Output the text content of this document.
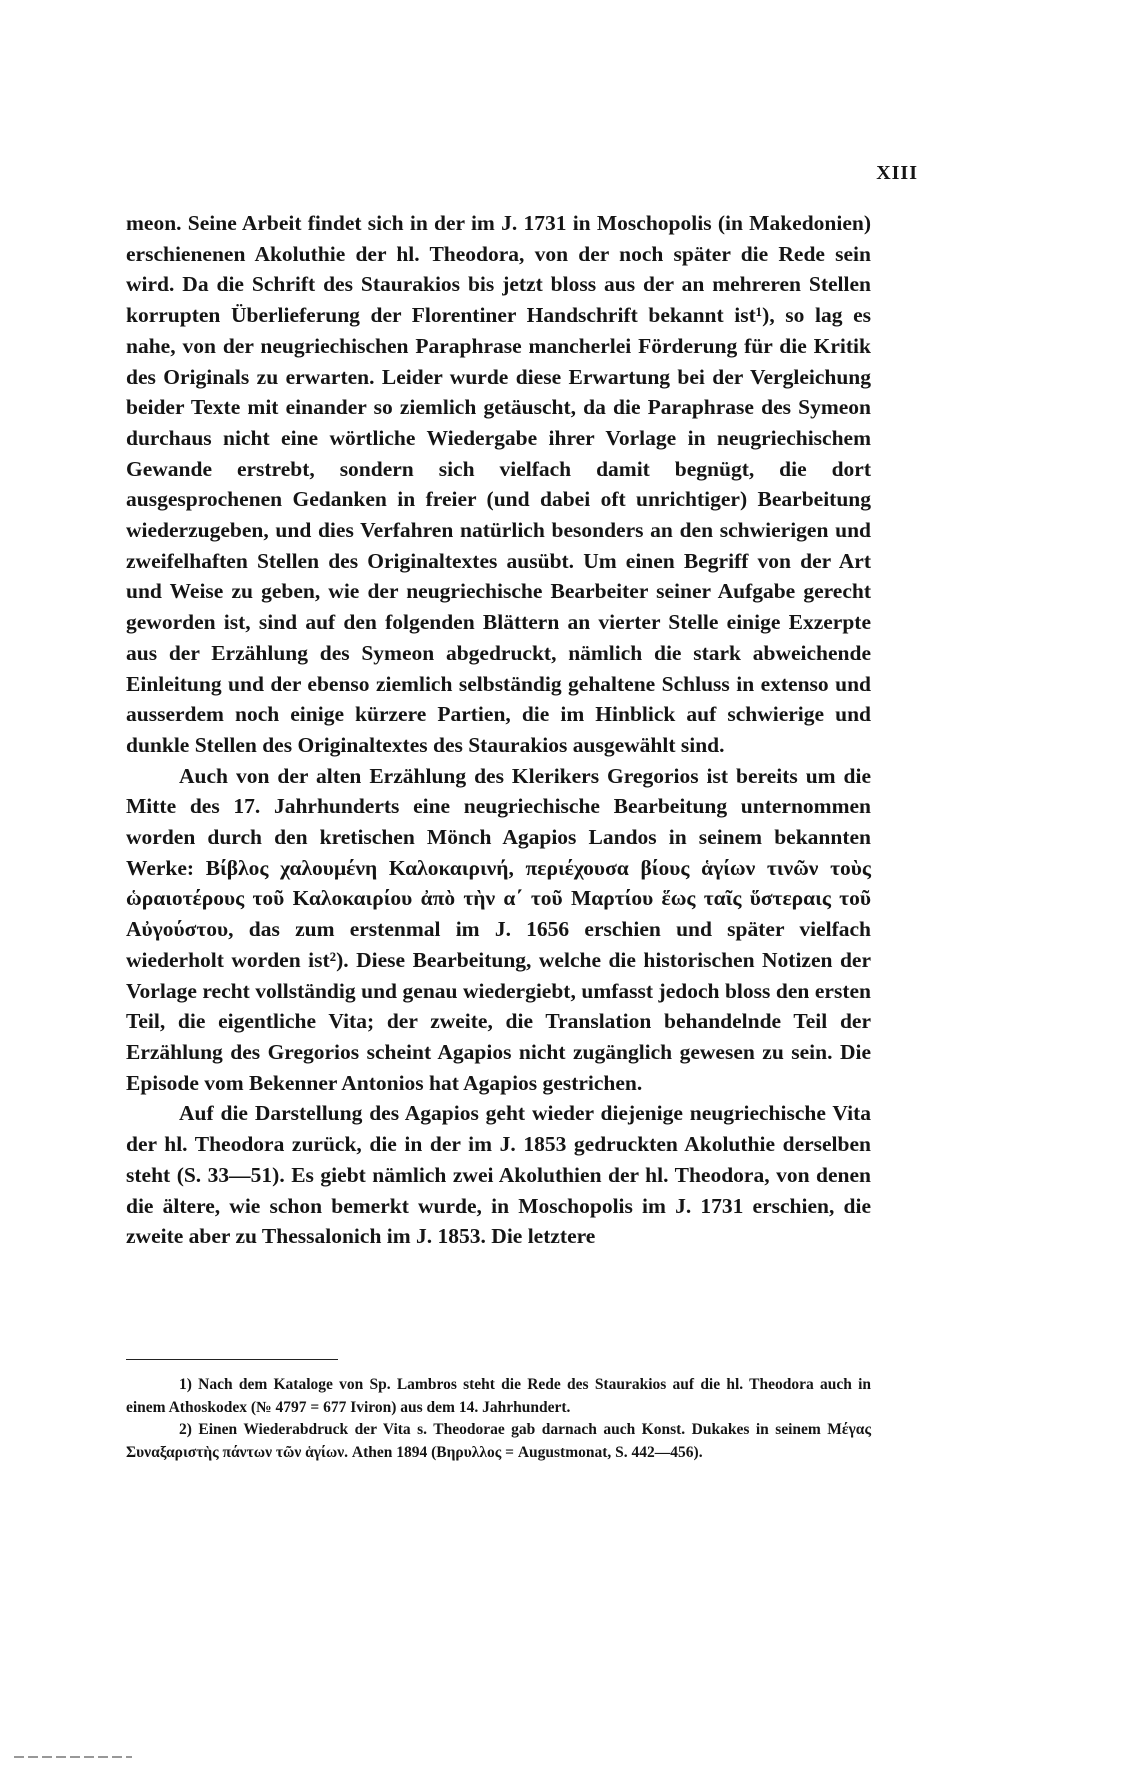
XIII

meon. Seine Arbeit findet sich in der im J. 1731 in Moschopolis (in Makedonien) erschienenen Akoluthie der hl. Theodora, von der noch später die Rede sein wird. Da die Schrift des Staurakios bis jetzt bloss aus der an mehreren Stellen korrupten Überlieferung der Florentiner Handschrift bekannt ist¹), so lag es nahe, von der neugriechischen Paraphrase mancherlei Förderung für die Kritik des Originals zu erwarten. Leider wurde diese Erwartung bei der Vergleichung beider Texte mit einander so ziemlich getäuscht, da die Paraphrase des Symeon durchaus nicht eine wörtliche Wiedergabe ihrer Vorlage in neugriechischem Gewande erstrebt, sondern sich vielfach damit begnügt, die dort ausgesprochenen Gedanken in freier (und dabei oft unrichtiger) Bearbeitung wiederzugeben, und dies Verfahren natürlich besonders an den schwierigen und zweifelhaften Stellen des Originaltextes ausübt. Um einen Begriff von der Art und Weise zu geben, wie der neugriechische Bearbeiter seiner Aufgabe gerecht geworden ist, sind auf den folgenden Blättern an vierter Stelle einige Exzerpte aus der Erzählung des Symeon abgedruckt, nämlich die stark abweichende Einleitung und der ebenso ziemlich selbständig gehaltene Schluss in extenso und ausserdem noch einige kürzere Partien, die im Hinblick auf schwierige und dunkle Stellen des Originaltextes des Staurakios ausgewählt sind.

Auch von der alten Erzählung des Klerikers Gregorios ist bereits um die Mitte des 17. Jahrhunderts eine neugriechische Bearbeitung unternommen worden durch den kretischen Mönch Agapios Landos in seinem bekannten Werke: Βίβλος χαλουμένη Καλοκαιρινή, περιέχουσα βίους ἁγίων τινῶν τοὺς ὡραιοτέρους τοῦ Καλοκαιρίου ἀπὸ τὴν α΄ τοῦ Μαρτίου ἕως ταῖς ὕστεραις τοῦ Αὐγούστου, das zum erstenmal im J. 1656 erschien und später vielfach wiederholt worden ist²). Diese Bearbeitung, welche die historischen Notizen der Vorlage recht vollständig und genau wiedergiebt, umfasst jedoch bloss den ersten Teil, die eigentliche Vita; der zweite, die Translation behandelnde Teil der Erzählung des Gregorios scheint Agapios nicht zugänglich gewesen zu sein. Die Episode vom Bekenner Antonios hat Agapios gestrichen.

Auf die Darstellung des Agapios geht wieder diejenige neugriechische Vita der hl. Theodora zurück, die in der im J. 1853 gedruckten Akoluthie derselben steht (S. 33—51). Es giebt nämlich zwei Akoluthien der hl. Theodora, von denen die ältere, wie schon bemerkt wurde, in Moschopolis im J. 1731 erschien, die zweite aber zu Thessalonich im J. 1853. Die letztere

1) Nach dem Kataloge von Sp. Lambros steht die Rede des Staurakios auf die hl. Theodora auch in einem Athoskodex (№ 4797 = 677 Iviron) aus dem 14. Jahrhundert.

2) Einen Wiederabdruck der Vita s. Theodorae gab darnach auch Konst. Dukakes in seinem Μέγας Συναξαριστὴς πάντων τῶν ἁγίων. Athen 1894 (Βηρυλλος = Augustmonat, S. 442—456).
